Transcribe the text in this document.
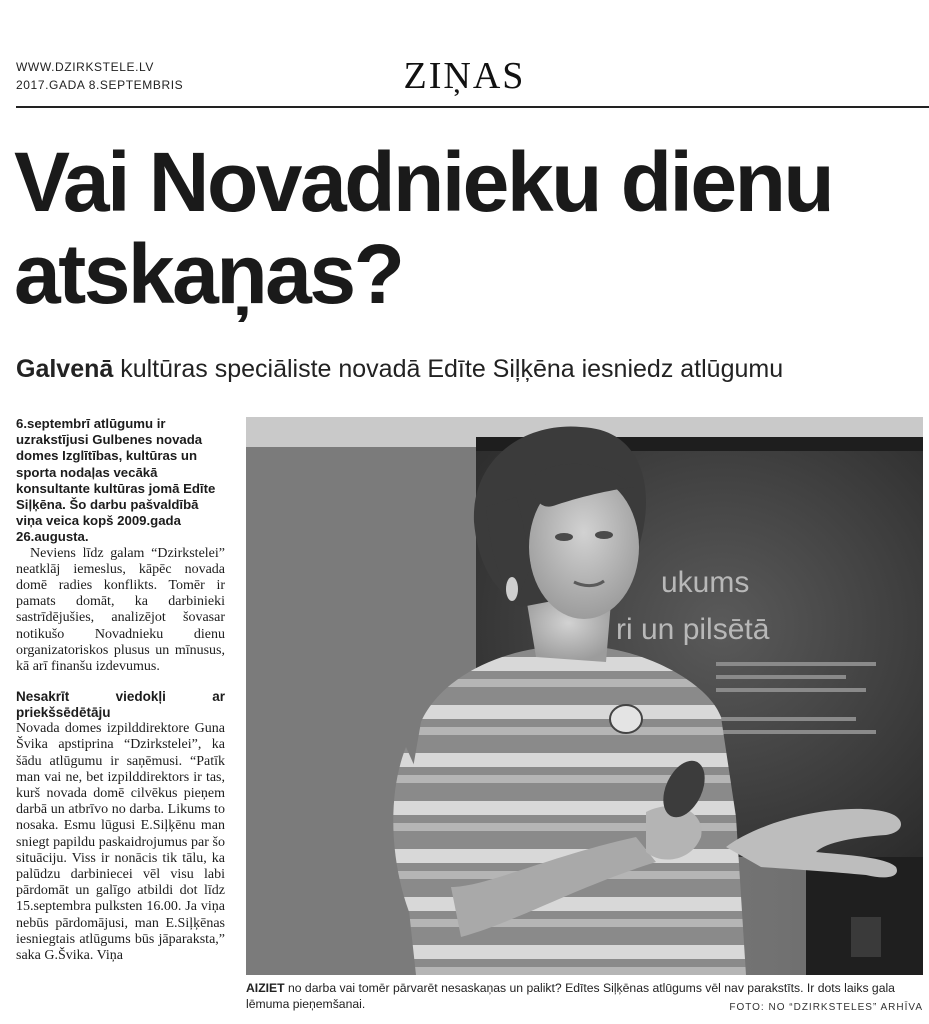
WWW.DZIRKSTELE.LV
2017.GADA 8.SEPTEMBRIS	ZIŅAS
Vai Novadnieku dienu atskaņas?
Galvenā kultūras speciāliste novadā Edīte Siļķēna iesniedz atlūgumu

6.septembrī atlūgumu ir uzrakstījusi Gulbenes novada domes Izglītības, kultūras un sporta nodaļas vecākā konsultante kultūras jomā Edīte Siļķēna. Šo darbu pašvaldībā viņa veica kopš 2009.gada 26.augusta.

Neviens līdz galam “Dzirkstelei” neatklāj iemeslus, kāpēc novada domē radies konflikts. Tomēr ir pamats domāt, ka darbinieki sastrīdējušies, analizējot šovasar notikušo Novadnieku dienu organizatoriskos plusus un mīnusus, kā arī finanšu izdevumus.

Nesakrīt viedokļi ar priekšsēdētāju

Novada domes izpilddirektore Guna Švika apstiprina “Dzirkstelei”, ka šādu atlūgumu ir saņēmusi. “Patīk man vai ne, bet izpilddirektors ir tas, kurš novada domē cilvēkus pieņem darbā un atbrīvo no darba. Likums to nosaka. Esmu lūgusi E.Siļķēnu man sniegt papildu paskaidrojumus par šo situāciju. Viss ir nonācis tik tālu, ka palūdzu darbiniecei vēl visu labi pārdomāt un galīgo atbildi dot līdz 15.septembra pulksten 16.00. Ja viņa nebūs pārdomājusi, man E.Siļķēnas iesniegtais atlūgums būs jāparaksta,” saka G.Švika. Viņa

ukums
ri un pilsētā
AIZIET no darba vai tomēr pārvarēt nesaskaņas un palikt? Edītes Siļķēnas atlūgums vēl nav parakstīts. Ir dots laiks gala lēmuma pieņemšanai.	FOTO: NO “DZIRKSTELES” ARHĪVA
